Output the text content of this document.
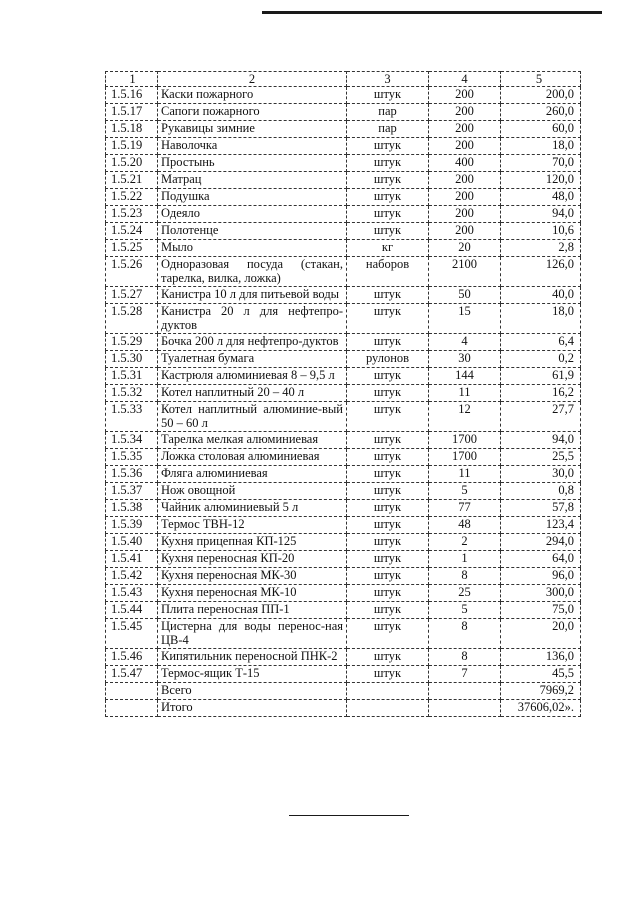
1	2	3	4	5
1.5.16	Каски пожарного	штук	200	200,0
1.5.17	Сапоги пожарного	пар	200	260,0
1.5.18	Рукавицы зимние	пар	200	60,0
1.5.19	Наволочка	штук	200	18,0
1.5.20	Простынь	штук	400	70,0
1.5.21	Матрац	штук	200	120,0
1.5.22	Подушка	штук	200	48,0
1.5.23	Одеяло	штук	200	94,0
1.5.24	Полотенце	штук	200	10,6
1.5.25	Мыло	кг	20	2,8
1.5.26	Одноразовая посуда (стакан, тарелка, вилка, ложка)	наборов	2100	126,0
1.5.27	Канистра 10 л для питьевой воды	штук	50	40,0
1.5.28	Канистра 20 л для нефтепро-дуктов	штук	15	18,0
1.5.29	Бочка 200 л для нефтепро-дуктов	штук	4	6,4
1.5.30	Туалетная бумага	рулонов	30	0,2
1.5.31	Кастрюля алюминиевая 8 – 9,5 л	штук	144	61,9
1.5.32	Котел наплитный 20 – 40 л	штук	11	16,2
1.5.33	Котел наплитный алюминие-вый 50 – 60 л	штук	12	27,7
1.5.34	Тарелка мелкая алюминиевая	штук	1700	94,0
1.5.35	Ложка столовая алюминиевая	штук	1700	25,5
1.5.36	Фляга алюминиевая	штук	11	30,0
1.5.37	Нож овощной	штук	5	0,8
1.5.38	Чайник алюминиевый 5 л	штук	77	57,8
1.5.39	Термос ТВН-12	штук	48	123,4
1.5.40	Кухня прицепная КП-125	штук	2	294,0
1.5.41	Кухня переносная КП-20	штук	1	64,0
1.5.42	Кухня переносная МК-30	штук	8	96,0
1.5.43	Кухня переносная МК-10	штук	25	300,0
1.5.44	Плита переносная ПП-1	штук	5	75,0
1.5.45	Цистерна для воды перенос-ная ЦВ-4	штук	8	20,0
1.5.46	Кипятильник переносной ПНК-2	штук	8	136,0
1.5.47	Термос-ящик Т-15	штук	7	45,5
	Всего			7969,2
	Итого			37606,02».
